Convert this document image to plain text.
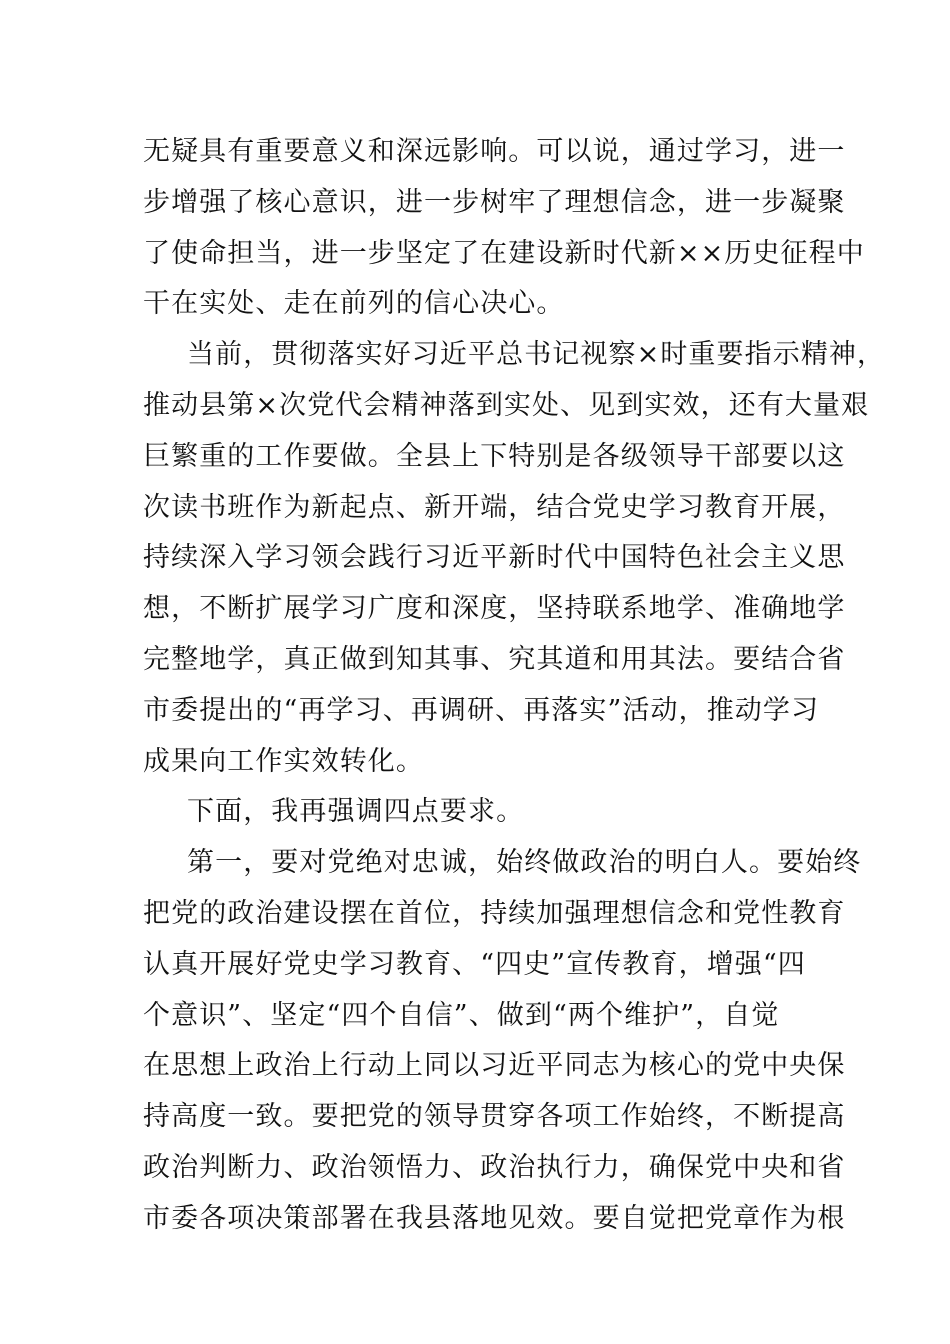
无疑具有重要意义和深远影响。可以说，通过学习，进一
步增强了核心意识，进一步树牢了理想信念，进一步凝聚
了使命担当，进一步坚定了在建设新时代新××历史征程中
干在实处、走在前列的信心决心。
当前，贯彻落实好习近平总书记视察×时重要指示精神，
推动县第×次党代会精神落到实处、见到实效，还有大量艰
巨繁重的工作要做。全县上下特别是各级领导干部要以这
次读书班作为新起点、新开端，结合党史学习教育开展，
持续深入学习领会践行习近平新时代中国特色社会主义思
想，不断扩展学习广度和深度，坚持联系地学、准确地学
完整地学，真正做到知其事、究其道和用其法。要结合省
市委提出的“再学习、再调研、再落实”活动，推动学习
成果向工作实效转化。
下面，我再强调四点要求。
第一，要对党绝对忠诚，始终做政治的明白人。要始终
把党的政治建设摆在首位，持续加强理想信念和党性教育
认真开展好党史学习教育、“四史”宣传教育，增强“四
个意识”、坚定“四个自信”、做到“两个维护”，自觉
在思想上政治上行动上同以习近平同志为核心的党中央保
持高度一致。要把党的领导贯穿各项工作始终，不断提高
政治判断力、政治领悟力、政治执行力，确保党中央和省
市委各项决策部署在我县落地见效。要自觉把党章作为根
